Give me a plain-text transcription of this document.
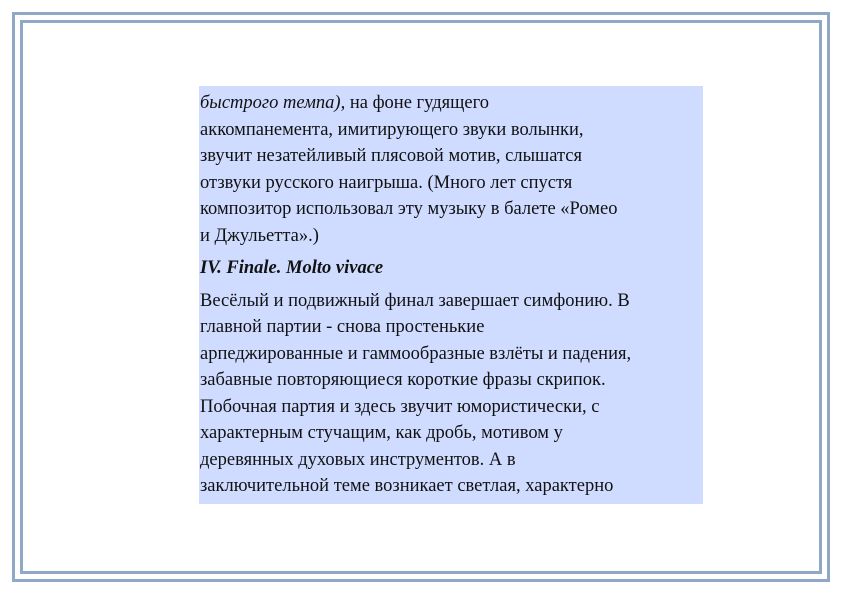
быстрого темпа), на фоне гудящего
аккомпанемента, имитирующего звуки волынки,
звучит незатейливый плясовой мотив, слышатся
отзвуки русского наигрыша. (Много лет спустя
композитор использовал эту музыку в балете «Ромео
и Джульетта».)

IV. Finale. Molto vivace

Весёлый и подвижный финал завершает симфонию. В
главной партии - снова простенькие
арпеджированные и гаммообразные взлёты и падения,
забавные повторяющиеся короткие фразы скрипок.
Побочная партия и здесь звучит юмористически, с
характерным стучащим, как дробь, мотивом у
деревянных духовых инструментов. А в
заключительной теме возникает светлая, характерно
